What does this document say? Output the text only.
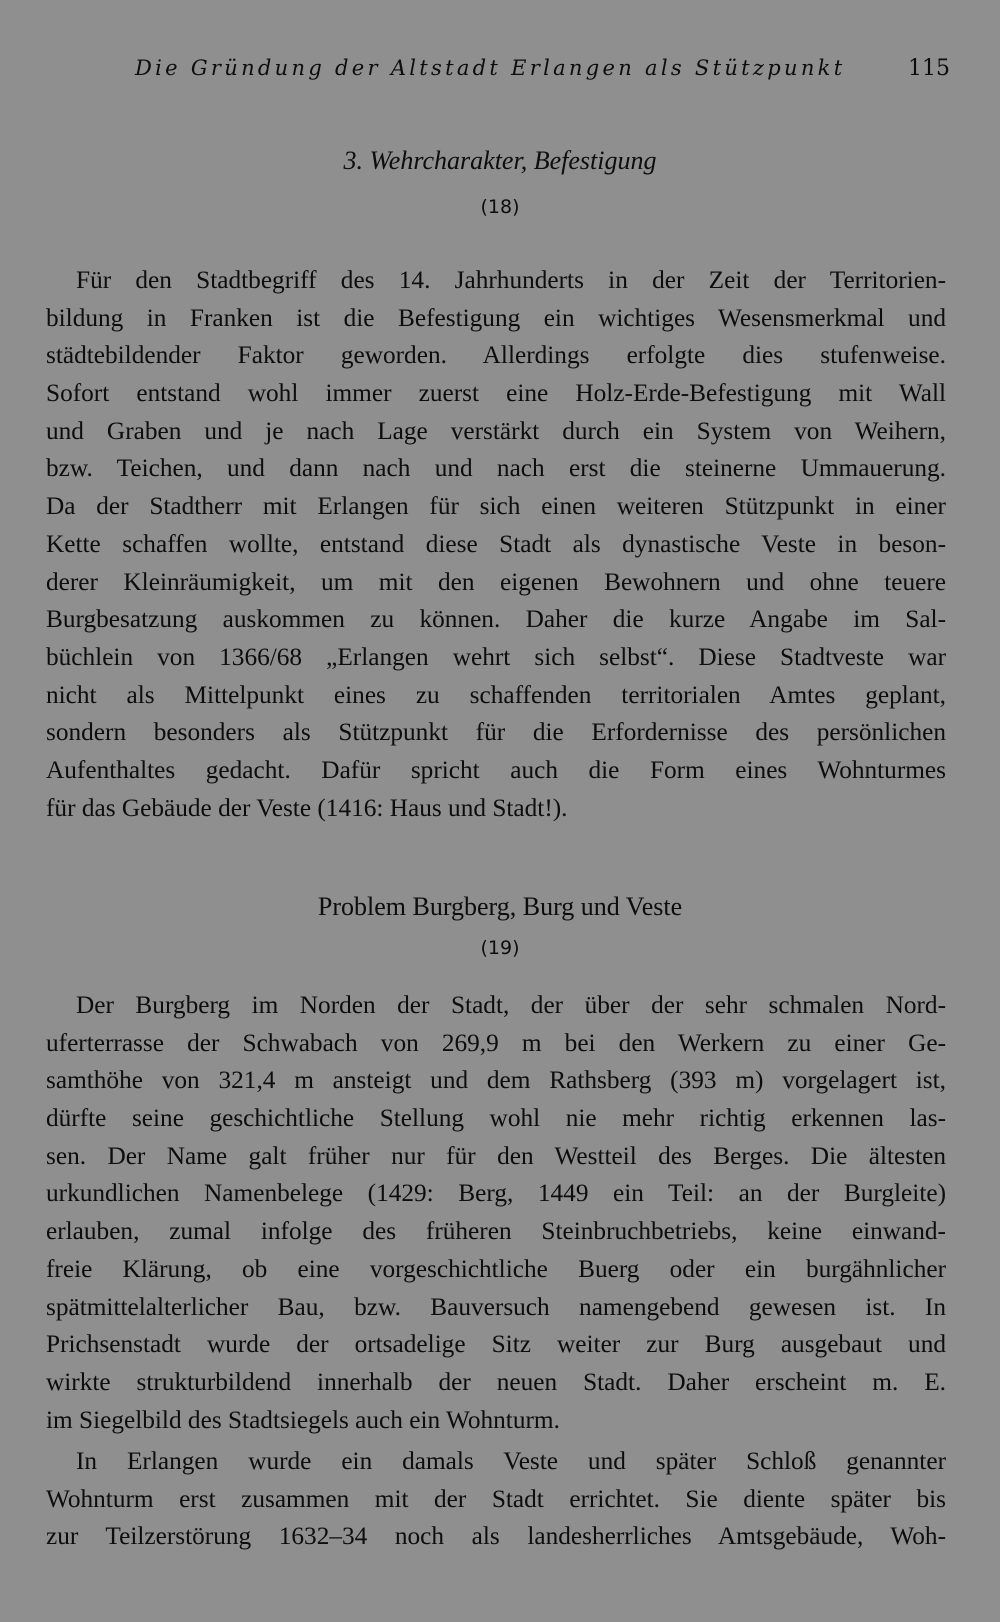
Die Gründung der Altstadt Erlangen als Stützpunkt	115
3. Wehrcharakter, Befestigung
(18)
Für den Stadtbegriff des 14. Jahrhunderts in der Zeit der Territorien-
bildung in Franken ist die Befestigung ein wichtiges Wesensmerkmal und
städtebildender Faktor geworden. Allerdings erfolgte dies stufenweise.
Sofort entstand wohl immer zuerst eine Holz-Erde-Befestigung mit Wall
und Graben und je nach Lage verstärkt durch ein System von Weihern,
bzw. Teichen, und dann nach und nach erst die steinerne Ummauerung.
Da der Stadtherr mit Erlangen für sich einen weiteren Stützpunkt in einer
Kette schaffen wollte, entstand diese Stadt als dynastische Veste in beson-
derer Kleinräumigkeit, um mit den eigenen Bewohnern und ohne teuere
Burgbesatzung auskommen zu können. Daher die kurze Angabe im Sal-
büchlein von 1366/68 „Erlangen wehrt sich selbst“. Diese Stadtveste war
nicht als Mittelpunkt eines zu schaffenden territorialen Amtes geplant,
sondern besonders als Stützpunkt für die Erfordernisse des persönlichen
Aufenthaltes gedacht. Dafür spricht auch die Form eines Wohnturmes
für das Gebäude der Veste (1416: Haus und Stadt!).
Problem Burgberg, Burg und Veste
(19)
Der Burgberg im Norden der Stadt, der über der sehr schmalen Nord-
uferterrasse der Schwabach von 269,9 m bei den Werkern zu einer Ge-
samthöhe von 321,4 m ansteigt und dem Rathsberg (393 m) vorgelagert ist,
dürfte seine geschichtliche Stellung wohl nie mehr richtig erkennen las-
sen. Der Name galt früher nur für den Westteil des Berges. Die ältesten
urkundlichen Namenbelege (1429: Berg, 1449 ein Teil: an der Burgleite)
erlauben, zumal infolge des früheren Steinbruchbetriebs, keine einwand-
freie Klärung, ob eine vorgeschichtliche Buerg oder ein burgähnlicher
spätmittelalterlicher Bau, bzw. Bauversuch namengebend gewesen ist. In
Prichsenstadt wurde der ortsadelige Sitz weiter zur Burg ausgebaut und
wirkte strukturbildend innerhalb der neuen Stadt. Daher erscheint m. E.
im Siegelbild des Stadtsiegels auch ein Wohnturm.
In Erlangen wurde ein damals Veste und später Schloß genannter
Wohnturm erst zusammen mit der Stadt errichtet. Sie diente später bis
zur Teilzerstörung 1632–34 noch als landesherrliches Amtsgebäude, Woh-
